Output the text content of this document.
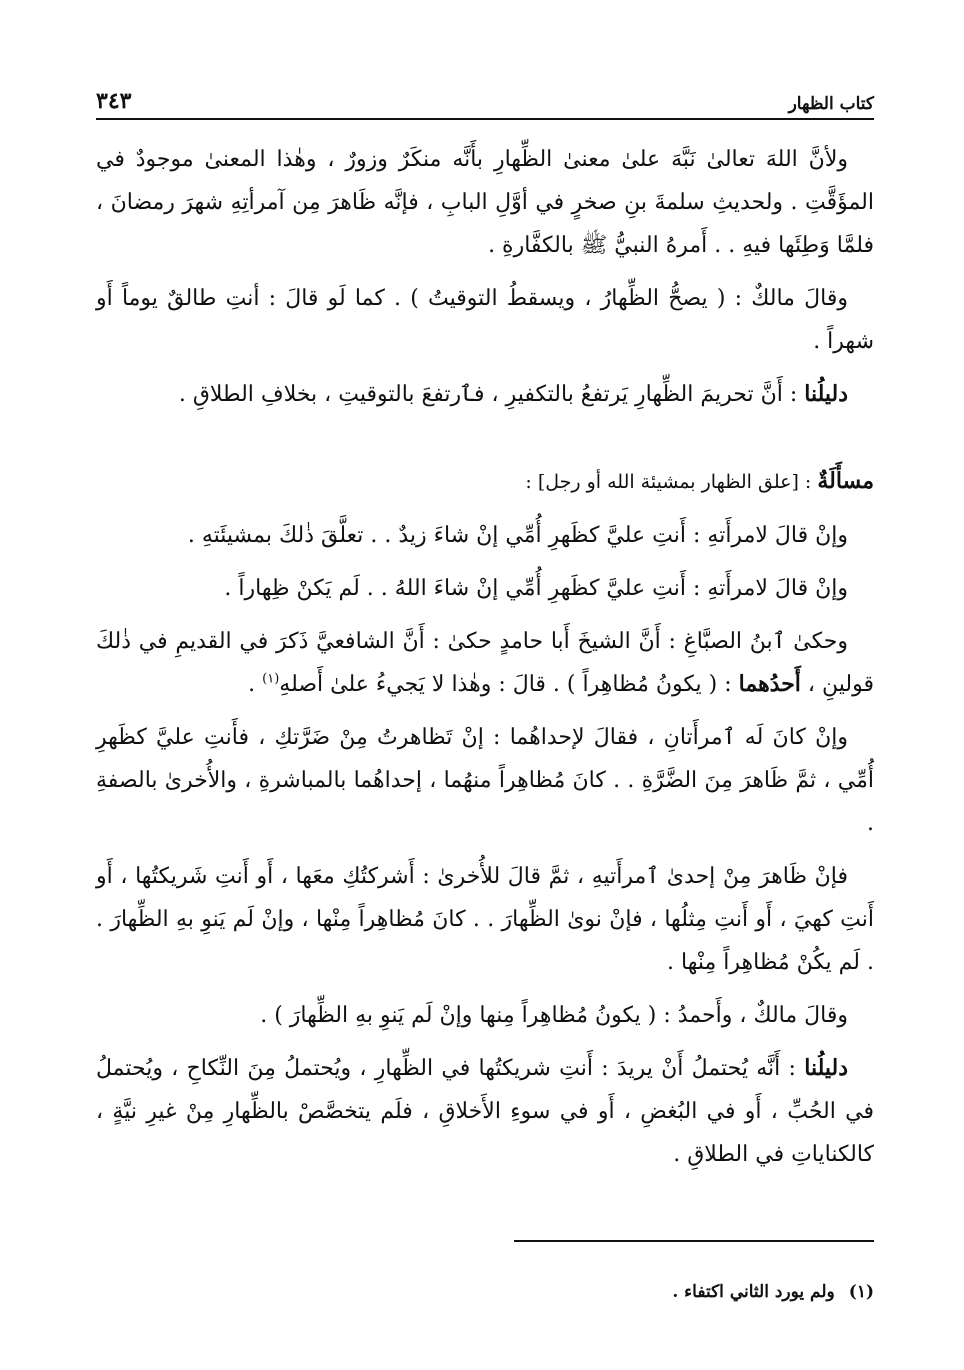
كتاب الظهار
٣٤٣

ولأنَّ اللهَ تعالىٰ نَبَّهَ علىٰ معنىٰ الظِّهارِ بأَنَّه منكَرٌ وزورٌ ، وهٰذا المعنىٰ موجودٌ في المؤَقَّتِ . ولحديثِ سلمةَ بنِ صخرٍ في أوَّلِ البابِ ، فإنَّه ظَاهرَ مِن آمرأتِهِ شهرَ رمضانَ ، فلمَّا وَطِئَها فيهِ . . أَمرهُ النبيُّ ﷺ بالكفَّارةِ .

وقالَ مالكٌ : ( يصحُّ الظِّهارُ ، ويسقطُ التوقيتُ ) . كما لَو قالَ : أنتِ طالقٌ يوماً أَو شهراً .

دليلُنا : أَنَّ تحريمَ الظِّهارِ يَرتفعُ بالتكفيرِ ، فٱرتفعَ بالتوقيتِ ، بخلافِ الطلاقِ .

مسأَلَةٌ : [علق الظهار بمشيئة الله أو رجل] :

وإنْ قالَ لامرأَتهِ : أَنتِ عليَّ كظَهرِ أُمِّي إنْ شاءَ زيدٌ . . تعلَّقَ ذٰلكَ بمشيئَتهِ .

وإنْ قالَ لامرأَتهِ : أَنتِ عليَّ كظَهرِ أُمِّي إنْ شاءَ اللهُ . . لَم يَكنْ ظِهاراً .

وحكىٰ ٱبنُ الصبَّاغِ : أَنَّ الشيخَ أَبا حامدٍ حكىٰ : أَنَّ الشافعيَّ ذَكرَ في القديمِ في ذٰلكَ قولينِ ، أَحدُهما : ( يكونُ مُظاهِراً ) . قالَ : وهٰذا لا يَجيءُ علىٰ أَصلهِ$^{(١)}$ .

وإنْ كانَ لَه ٱمرأَتانِ ، فقالَ لإحداهُما : إنْ تَظاهرتُ مِنْ ضَرَّتكِ ، فأَنتِ عليَّ كظَهرِ أُمِّي ، ثمَّ ظَاهرَ مِنَ الضَّرَّةِ . . كانَ مُظاهِراً منهُما ، إحداهُما بالمباشرةِ ، والأُخرىٰ بالصفةِ .

فإنْ ظَاهرَ مِنْ إحدىٰ ٱمرأَتيهِ ، ثمَّ قالَ للأُخرىٰ : أَشركتُكِ معَها ، أَو أَنتِ شَريكتُها ، أَو أَنتِ كهيَ ، أَو أَنتِ مِثلُها ، فإنْ نوىٰ الظِّهارَ . . كانَ مُظاهِراً مِنْها ، وإنْ لَم يَنوِ بهِ الظِّهارَ . . لَم يكُنْ مُظاهِراً مِنْها .

وقالَ مالكٌ ، وأَحمدُ : ( يكونُ مُظاهِراً مِنها وإنْ لَم يَنوِ بهِ الظِّهارَ ) .

دليلُنا : أَنَّه يُحتملُ أَنْ يريدَ : أَنتِ شريكتُها في الظِّهارِ ، ويُحتملُ مِنَ النِّكاحِ ، ويُحتملُ في الحُبِّ ، أَو في البُغضِ ، أَو في سوءِ الأَخلاقِ ، فلَم يتخصَّصْ بالظِّهارِ مِنْ غيرِ نيَّةٍ ، كالكناياتِ في الطلاقِ .

(١)ولم يورد الثاني اكتفاء .
